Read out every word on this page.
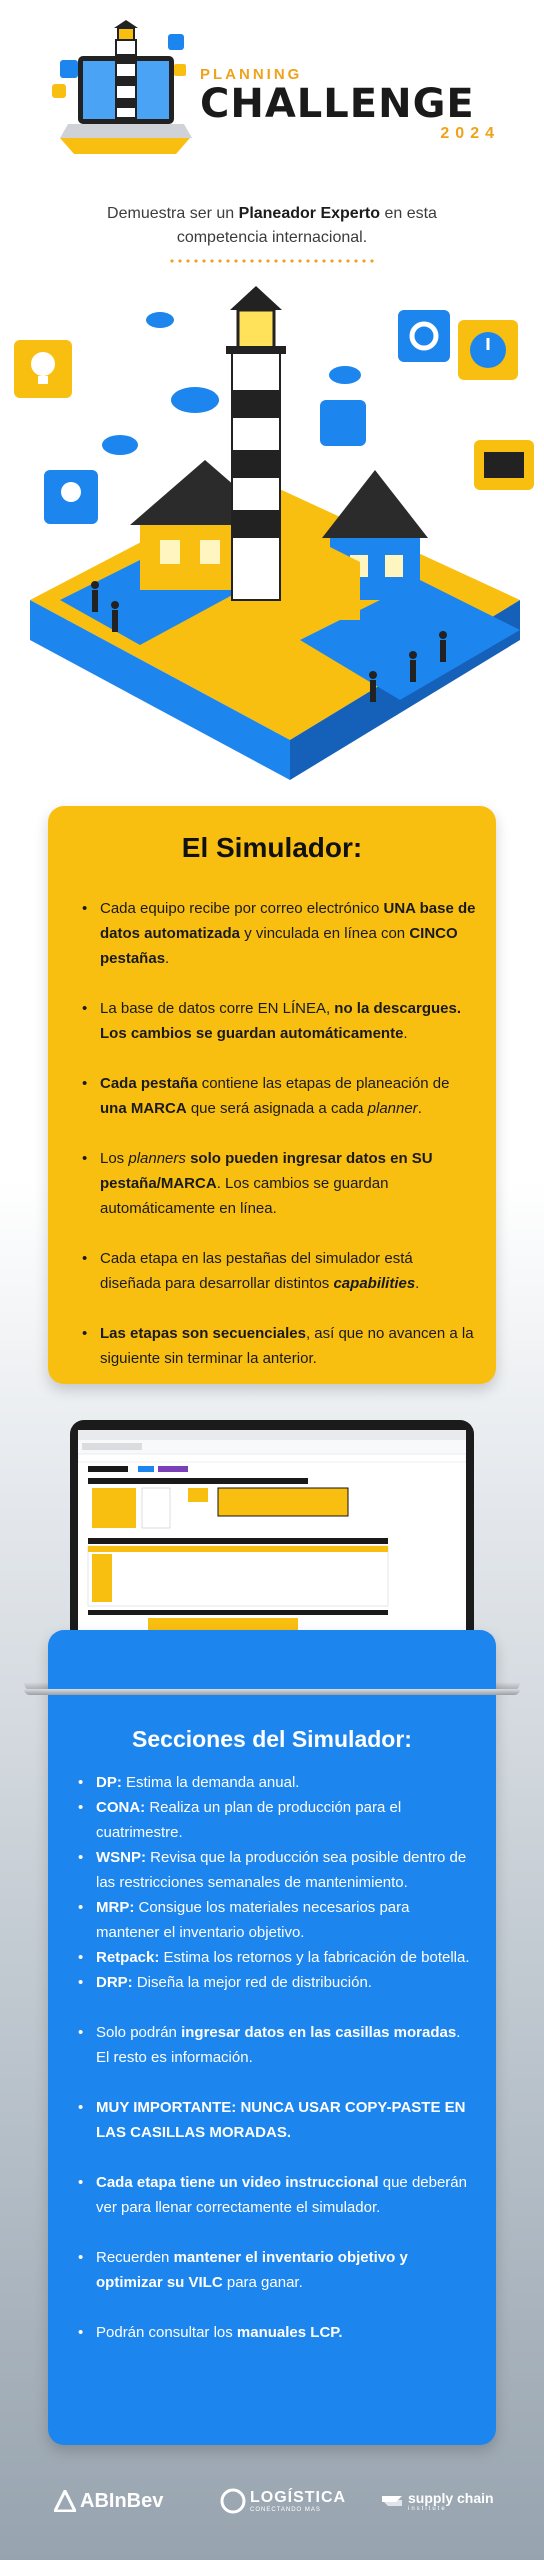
PLANNING
CHALLENGE
2024
Demuestra ser un Planeador Experto en esta competencia internacional.
El Simulador:
• Cada equipo recibe por correo electrónico UNA base de datos automatizada y vinculada en línea con CINCO pestañas.
• La base de datos corre EN LÍNEA, no la descargues. Los cambios se guardan automáticamente.
• Cada pestaña contiene las etapas de planeación de una MARCA que será asignada a cada planner.
• Los planners solo pueden ingresar datos en SU pestaña/MARCA. Los cambios se guardan automáticamente en línea.
• Cada etapa en las pestañas del simulador está diseñada para desarrollar distintos capabilities.
• Las etapas son secuenciales, así que no avancen a la siguiente sin terminar la anterior.
Secciones del Simulador:
• DP: Estima la demanda anual.
• CONA: Realiza un plan de producción para el cuatrimestre.
• WSNP: Revisa que la producción sea posible dentro de las restricciones semanales de mantenimiento.
• MRP: Consigue los materiales necesarios para mantener el inventario objetivo.
• Retpack: Estima los retornos y la fabricación de botella.
• DRP: Diseña la mejor red de distribución.
• Solo podrán ingresar datos en las casillas moradas. El resto es información.
• MUY IMPORTANTE: NUNCA USAR COPY-PASTE EN LAS CASILLAS MORADAS.
• Cada etapa tiene un video instruccional que deberán ver para llenar correctamente el simulador.
• Recuerden mantener el inventario objetivo y optimizar su VILC para ganar.
• Podrán consultar los manuales LCP.
ABInBev	LOGÍSTICA
CONECTANDO MAS
supply chain
institute
